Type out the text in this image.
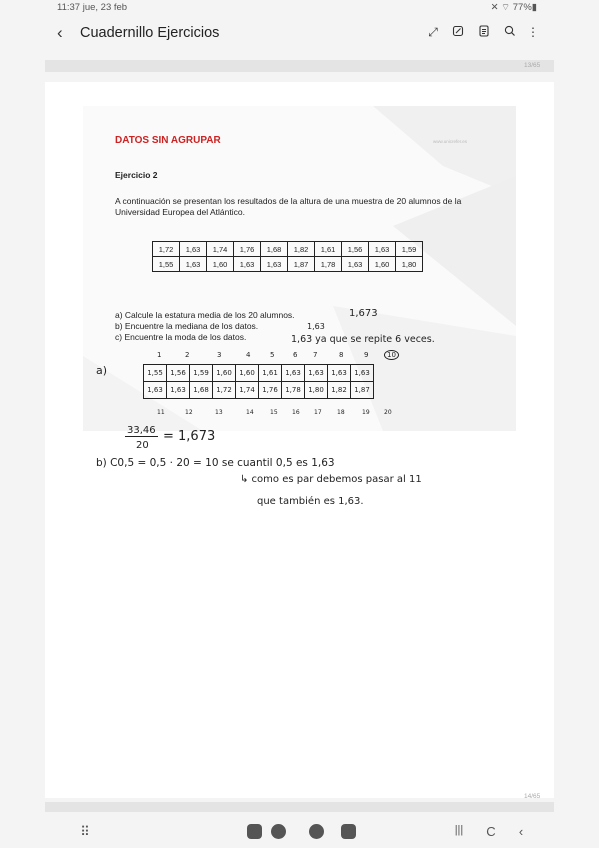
11:37 jue, 23 feb	✕ ⌔ 77%▮
‹ Cuadernillo Ejercicios	⤢	⋮
13/65
DATOS SIN AGRUPAR	www.unicrefer.es
Ejercicio 2
A continuación se presentan los resultados de la altura de una muestra de 20 alumnos de la Universidad Europea del Atlántico.
1,72	1,63	1,74	1,76	1,68	1,82	1,61	1,56	1,63	1,59
1,55	1,63	1,60	1,63	1,63	1,87	1,78	1,63	1,60	1,80
a) Calcule la estatura media de los 20 alumnos.
b) Encuentre la mediana de los datos.
c) Encuentre la moda de los datos.
1,673
1,63
1,63 ya que se repite 6 veces.
a)
1	2	3	4	5	6 7	8	9	10
1,55	1,56	1,59	1,60	1,60	1,61	1,63	1,63	1,63	1,63
1,63	1,63	1,68	1,72	1,74	1,76	1,78	1,80	1,82	1,87
11	12	13	14	15 16 17	18	19 20
33,46
20
= 1,673
b) C0,5 = 0,5 · 20 = 10 se cuantil 0,5 es 1,63
↳ como es par debemos pasar al 11
que también es 1,63.
14/65
⠿	|||	C	‹
